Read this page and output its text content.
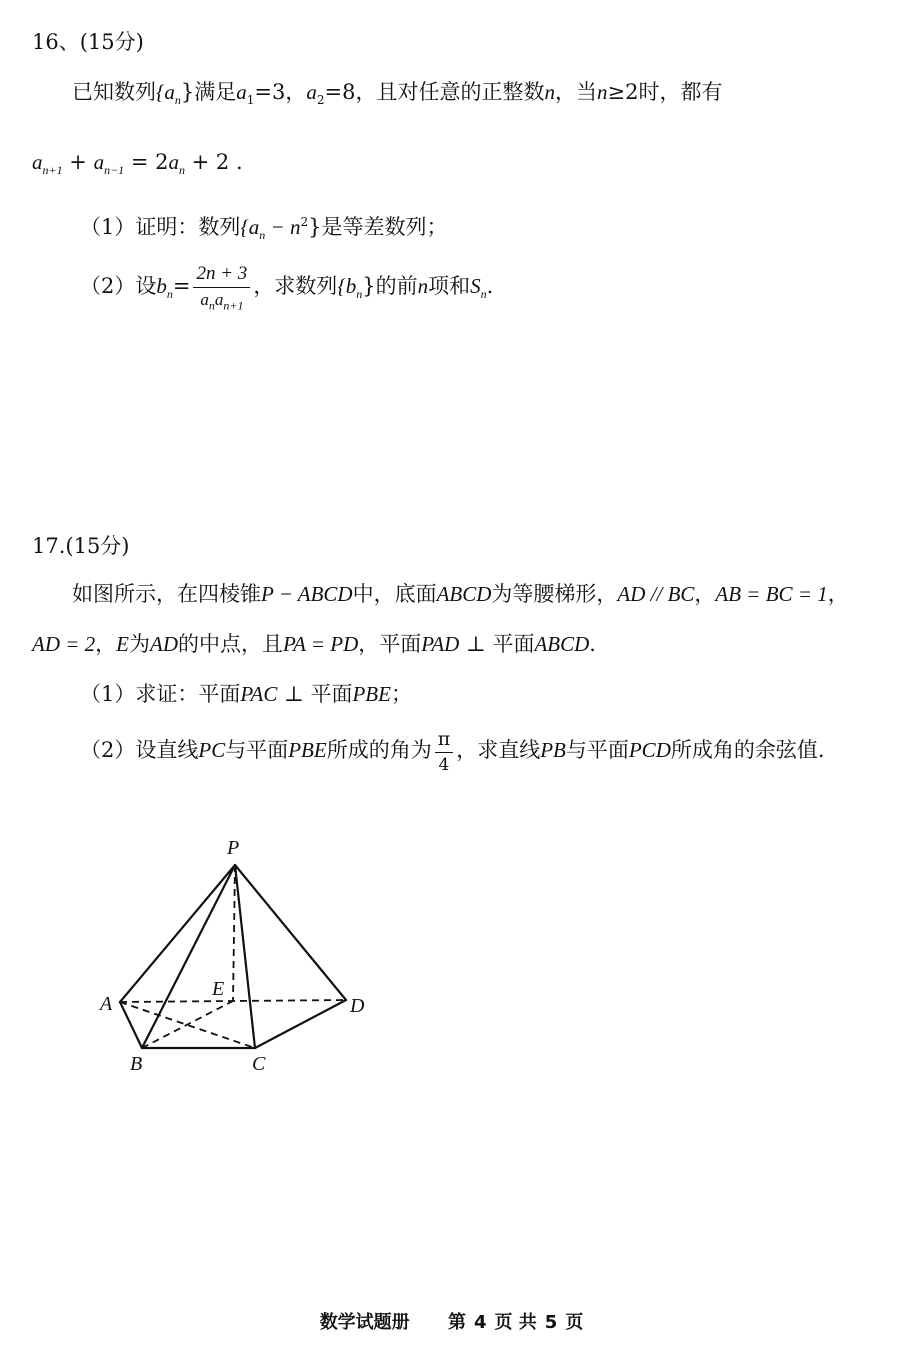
16、(15分)
已知数列$\{a_n\}$满足$a_1=3$，$a_2=8$，且对任意的正整数n，当n≥2时，都有
$a_{n+1} + a_{n-1} = 2a_n + 2$ .
（1）证明：数列$\{a_n - n^2\}$是等差数列；
（2）设$b_n= \frac{2n + 3}{a_na_{n+1}}$ ，求数列$\{b_n\}$的前n项和$S_n$.
17.(15分)
如图所示，在四棱锥P − ABCD中，底面ABCD为等腰梯形，AD // BC，AB = BC = 1，
AD = 2，E为AD的中点，且PA = PD，平面PAD ⊥ 平面ABCD.
（1）求证：平面PAC ⊥ 平面PBE；
（2）设直线PC与平面PBE所成的角为 $\frac{\pi}{4}$ ，求直线PB与平面PCD所成角的余弦值.
P
A
B	C
D
E
数学试题册 第 4 页 共 5 页
